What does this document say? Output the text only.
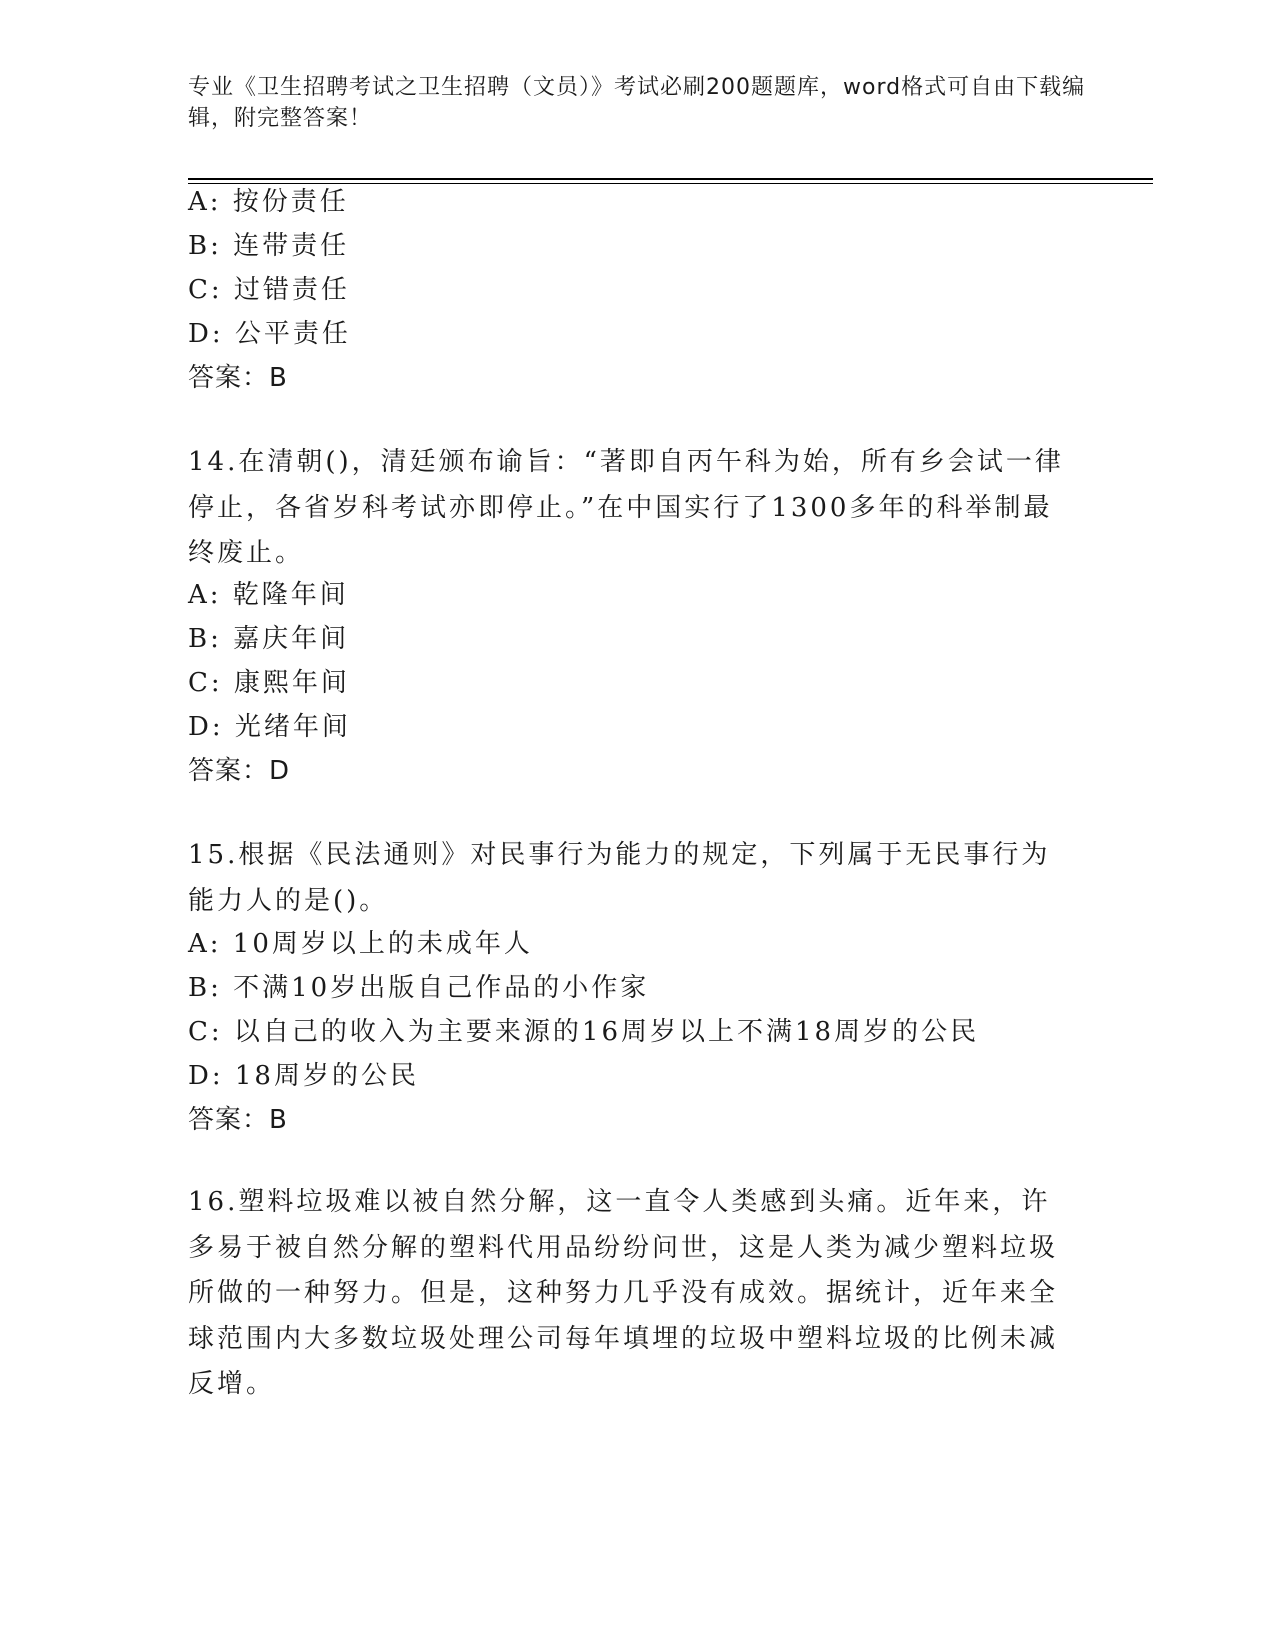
专业《卫生招聘考试之卫生招聘（文员）》考试必刷200题题库，word格式可自由下载编辑，附完整答案！
A: 按份责任
B: 连带责任
C: 过错责任
D: 公平责任
答案：B
14.在清朝()，清廷颁布谕旨：“著即自丙午科为始，所有乡会试一律停止，各省岁科考试亦即停止。”在中国实行了1300多年的科举制最终废止。
A: 乾隆年间
B: 嘉庆年间
C: 康熙年间
D: 光绪年间
答案：D
15.根据《民法通则》对民事行为能力的规定，下列属于无民事行为能力人的是()。
A: 10周岁以上的未成年人
B: 不满10岁出版自己作品的小作家
C: 以自己的收入为主要来源的16周岁以上不满18周岁的公民
D: 18周岁的公民
答案：B
16.塑料垃圾难以被自然分解，这一直令人类感到头痛。近年来，许多易于被自然分解的塑料代用品纷纷问世，这是人类为减少塑料垃圾所做的一种努力。但是，这种努力几乎没有成效。据统计，近年来全球范围内大多数垃圾处理公司每年填埋的垃圾中塑料垃圾的比例未减反增。
